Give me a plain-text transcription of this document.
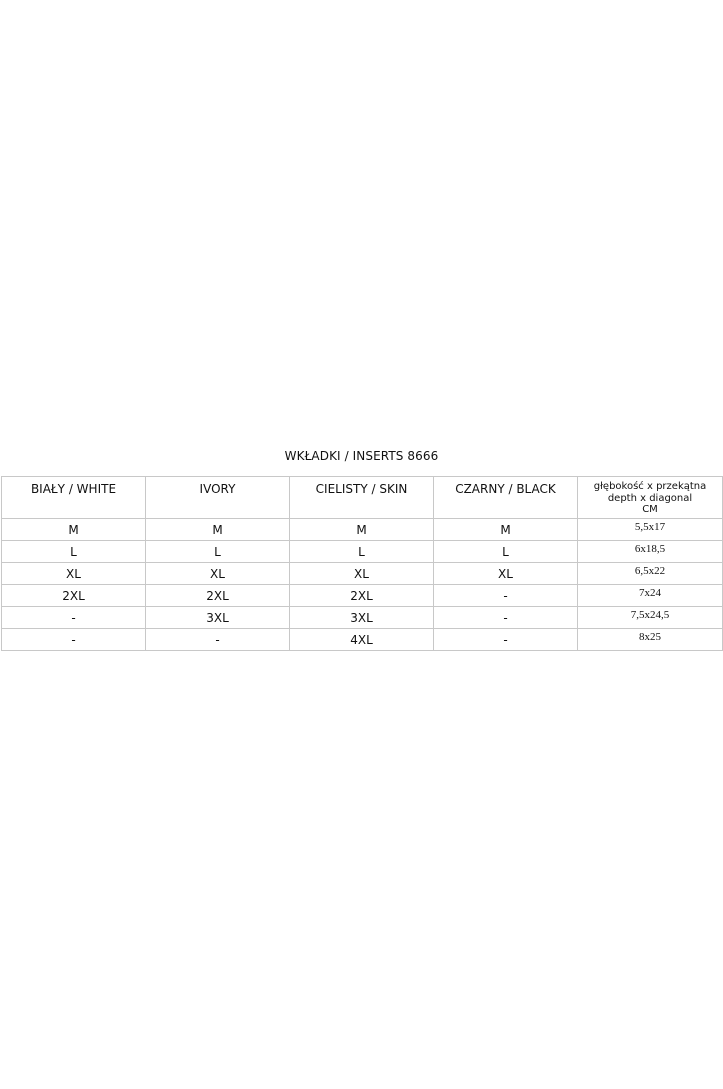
WKŁADKI / INSERTS 8666
BIAŁY / WHITE	IVORY	CIELISTY / SKIN	CZARNY / BLACK	głębokość x przekątna
depth x diagonal
CM

M	M	M	M	5,5x17
L	L	L	L	6x18,5
XL	XL	XL	XL	6,5x22
2XL	2XL	2XL	-	7x24
-	3XL	3XL	-	7,5x24,5
-	-	4XL	-	8x25
